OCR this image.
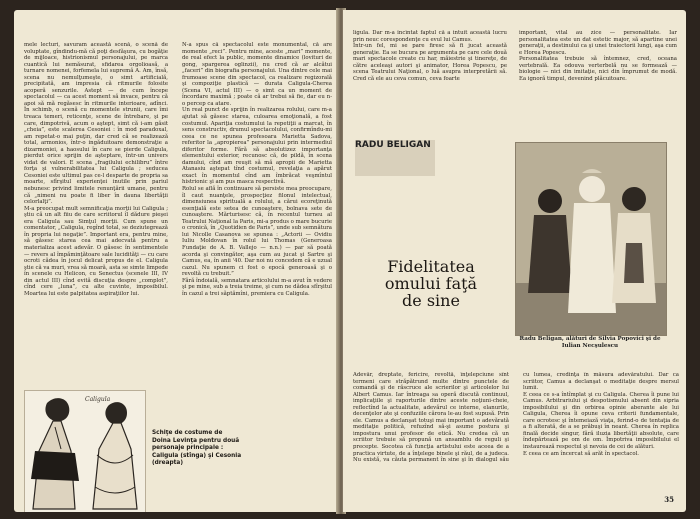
mele lecturi, savuram această scenă, o scenă de voluptate, gîndindu-mă că poţi desfăşura, cu bogăţie de mijloace, histrionismul personajului, pe marca cuantică lui nemăsurat, sfidarea orgolioasă, a turnare nomenei, forfemela lui supremă A. Am, însă, scena nu nemulţumeşte, o simt artificială, precipitată, am impresia că ritmurile folosite acoperă senzurile. Astept — de cum începe spectacolul — ca acest moment să invace, pentru că apoi să mă regăsesc în ritmurile interioare, adînci. În schimb, o scenă cu momentele strunii, care îmi treaca temeri, reticenţe, scene de întrebare, şi pe care, dimpotrivă, acum o aştept, simt că i-am găsit „cheia”, este scalerea Cesoniei : în mod paradoxal, am repetat-o mai puţin, dar cred că se realizează total, armonios, într-o ingăduitoare demonstraţie a dizarmoniei, a haosului în care se pierde Caligula, pierdut orice sprijin de aşteptare, într-un univers vidat de valori. E scena „fragilului echilibru” între forţa şi vulnerabilitatea lui Caligula ; seducea Cesoniei este ultimul pas ce-l desparte de propria sa moarte, sfîrşitul experienţei inutile prin pariul nebunesc privind limitele renunţării umane, pentru că „nimeni nu poate fi liber în dauna libertăţii celorlalţi”.
M-a preocupat mult semnificaţia morţii lui Caligula ; ştiu că un alt fiiu de care scriitorul îl dădure pieşei era Caligula sau Simţul morţii. Cum spune un comentator, „Caligula, regînd total, se deziutegrează în propria lui negaţie”. Important era, pentru mine, să găsesc starea cea mai adecvată pentru a materializa acest adevăr. O găsesc în sentimentele — revers al împăminţătoare sale lucidităţi — cu care ocroti cădea în jocul delicat propus de el. Caligula ştie că va muri, vrea să moară, asta se simte limpede în scenele cu Helicon, cu Senectus (scenele III, IV din actul III) cînd evită discuţia despre „complot”, cînd cere „luna”, cu alte cuvinte, imposibilul. Moartea lui este palpitatea aspiraţiilor lui.
N-a spus că spectacolul este monumental, că are momente „reci”. Pentru mine, aceste „mari” momente, de real efect la public, momente dinamice (lovituri de gong, spargerea oglinzii), nu cred că ar alcătui „faceri” din biografia personajului. Una dintre cele mai frumoase scene din spectacol, ca realizare regizorală şi compoziţie plastică — durata Caligula-Cherea (Scena VI, actul III) — o simt ca un moment de încordare maximă ; poate că ar trebui să fie, dar eu n-o percep ca atare.
Un real punct de sprijin în realizarea rolului, care m-a ajutat să găsesc starea, culoarea emoţională, a fost costumul. Apariţia costumului la repetiţii a marcat, în sens constructiv, drumul spectacolului, confirmîndu-mi ceea ce ne spunea profesoara Marietta Sadova, referitor la „apropierea” personajului prin intermediul diferitor forme. Fără să absolutizez importanţa elementului exterior, recunosc că, de pildă, în scena damului, cînd am reuşit să mă apropii de Marietta Atanasiu aştepat tînd costumul, revelaţia a apărut exact în momentul cînd am îmbrăcat veşmîntul histrionic şi am pus masca respectivă.
Rolul se află în continuare să persiste mea preocupare, îl caut nuanţele, prospecţiez filonul intelectual, dimensiunea spirituală a rolului, a cărui ecoreţinută esenţială este setea de cunoaştere, bolnava sete de cunoaştere. Mărturisesc că, în recentul turneu al Teatrului Naţional la Paris, mi-a produs o mare bucurie o cronică, în „Quotidien de Paris”, unde sub semnătura lui Nicolle Casanova se spunea : „Actorii — Ovidiu Iuliu Moldovan în rolul lui Thomas (Generoasa Fundaţie de A. B. Vallejo — n.n.) — par să poată acorda şi convingător, aşa cum au jucat şi Sartre şi Camus, ea, în anii '40. Dar noi nu concedem că e uzual cazul. Nu spunem ci fost o epocă generoasă şi o revoltă cu trebuit.”
Fără îndoială, semnatara articolului m-a avut în vedere şi pe mine, sub a treia treime, şi cum ne dădea sfîrşitul în cazul a trei săptămîni, premiera cu Caligula.
Caligula
Schiţe de costume de Doina Levinţa pentru două personaje principale : Caligula (stînga) şi Cesonia (dreapta)
ligula. Dar m-a încîntat faptul că a intuit această lucru prin neuc corespondenţe cu evul lui Camus.
Într-un fel, mi se pare firesc să fi jucat această generaţie. Ea se bucura pe argumenta pe care cele două mari spectacole create cu har, măiestrie şi tinereţe, de către aceleaşi autori şi animator, Horea Popescu, pe scena Teatrului Naţional, o luă asupra interpretării să. Cred că ele au ceva comun, ceva foarte
important, vital au zice — personalitate. Iar personalitatea este un dat estetic major, să apartine unei generaţii, a destinului ca şi unei traiectorii lungi, aşa cum e Horea Popescu.
Personalitatea trebuie să întemnez, cred, oceana vertebrală. Ea odouva verterbelă nu se formează — biologie — nici din imitaţie, nici din împrumut de modă. Ea ignoră timpul, devenind plăcuitoare.
RADU BELIGAN
Fidelitatea omului faţă de sine
Radu Beligan, alături de Silvia Popovici şi de Iulian Necşulescu
Adevăr, dreptate, fericire, revoltă, înţelepciune sînt termeni care străpătrund multe dintre punctele de comandă şi de răscruce ale scrierilor şi articolelor lui Albert Camus. Iar întreaga sa operă discută continuul, implicaţiile şi raporturile dintre aceste noţiuni-cheie, reflectînd la actualitate, adevărul ce interne, elanurile, decenţelor ate şi confuziile cărora le-au fost supusă. Prin ele. Camus a declanşat totuşi mai important o adevărată meditaţie politică, refuzînd să-şi asume postura şi impostura unui profesor de etică. Nu credea că un scriitor trebuie să propună un ansamblu de reguli şi precepte. Socotea că funcţia artistului este aceea de a practica virtute, de a înţelege binele şi răul, de a judeca. Nu există, va căuta permanent în sine şi în dialogul său cu lumea, credinţa în măsura adevăratului. Dar ca scriitor, Camus a declanşat o meditaţie despre mersul lumii.
E ceea ce s-a întîmplat şi cu Caligula. Cherea îi pune lui Camus. Arbitrariului şi despotismului absent din sipria imposibilului şi din orbirea opinie aberante ale lui Caligula, Cherea îi opune ceva criterii fundamentale, care ocrotesc şi întemeiază viaţa, ferind-o de tentaţia de a fi alterată, de a se prăbuşi în neant. Cherea în replica finală decide singur, fără iluzia libertăţii absolute, care îndepărtează pe om de om. Împotriva imposibilului el instaurează respectul şi nevoia de cei de alături.
E ceea ce am încercat să arăt în spectacol.
35
